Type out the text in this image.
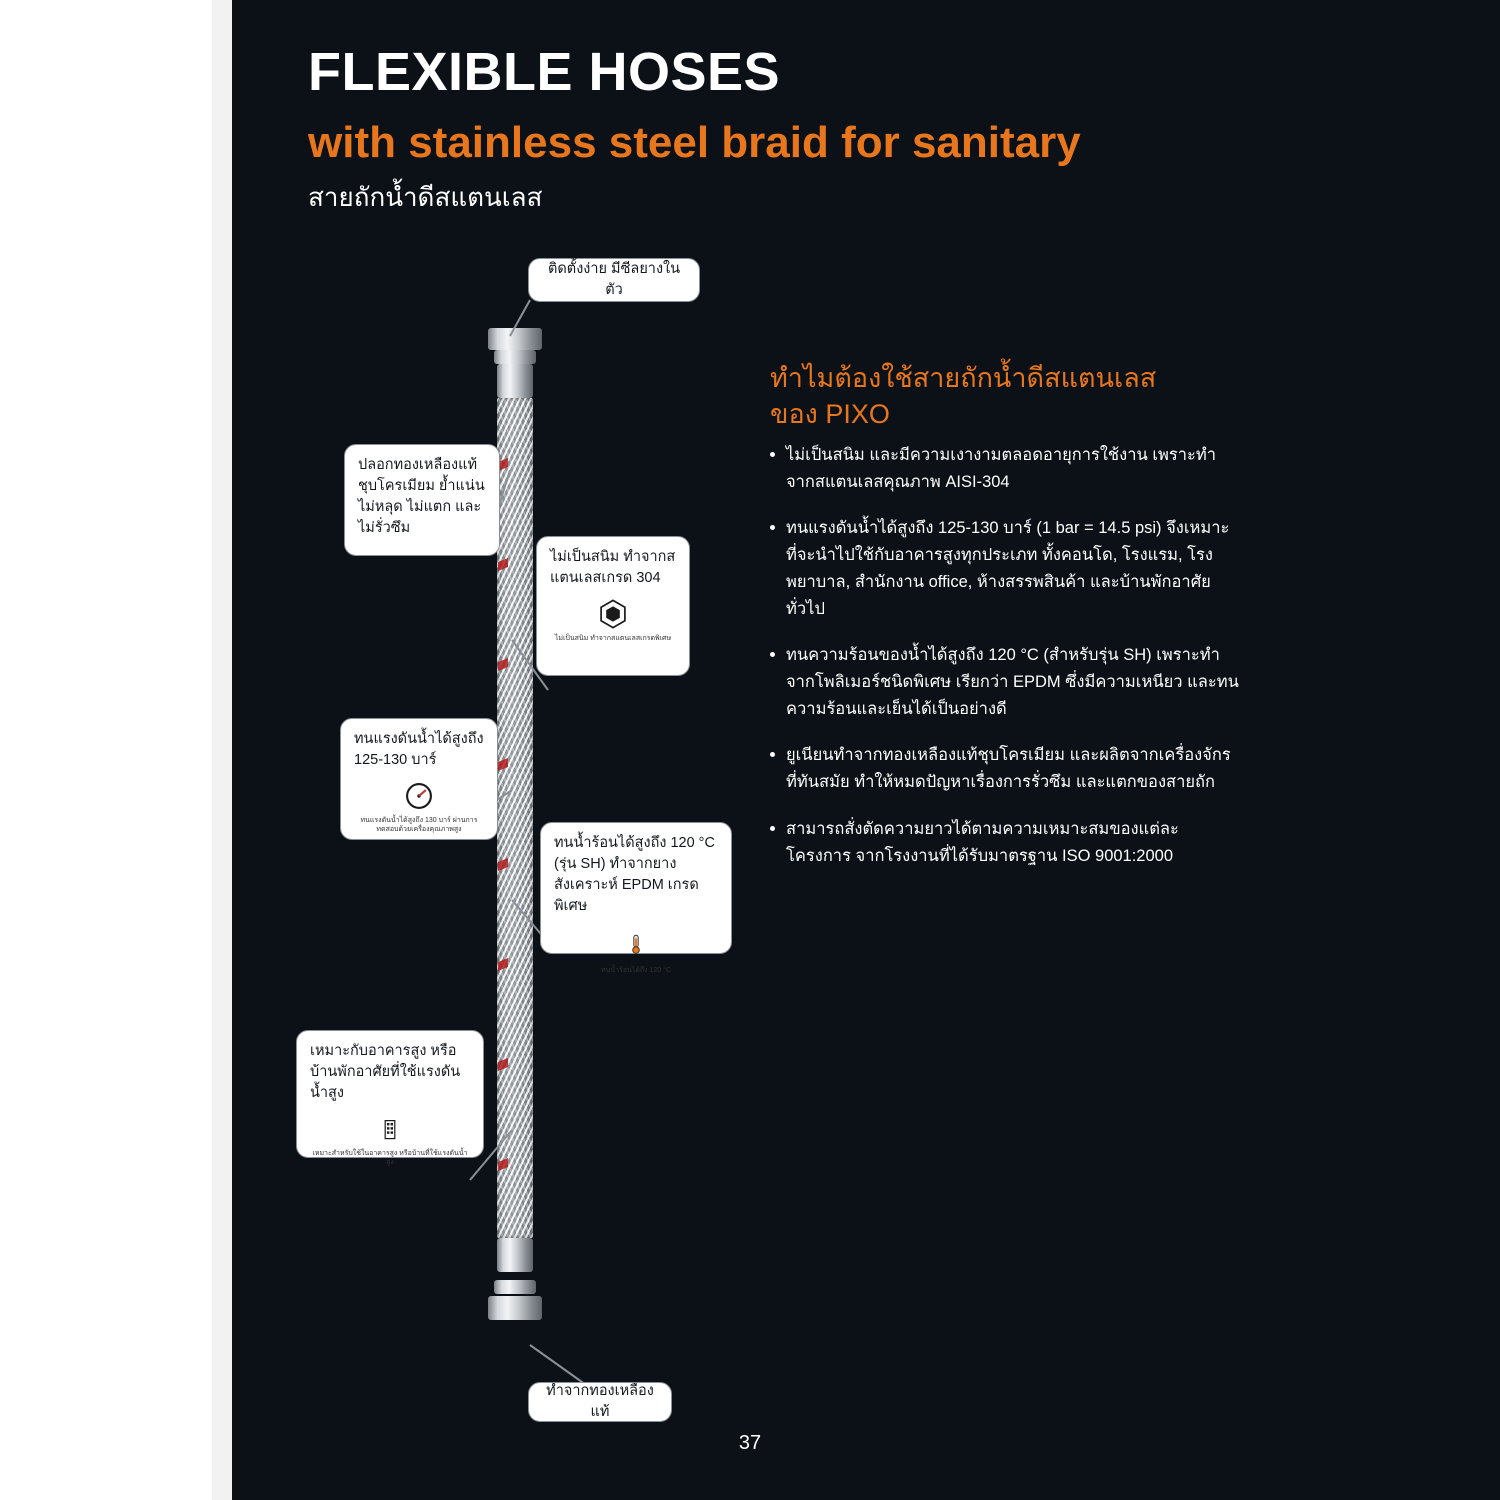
FLEXIBLE HOSES
with stainless steel braid for sanitary
สายถักน้ำดีสแตนเลส
ทำไมต้องใช้สายถักน้ำดีสแตนเลส
ของ PIXO
ไม่เป็นสนิม และมีความเงางามตลอดอายุการใช้งาน เพราะทำจากสแตนเลสคุณภาพ AISI-304
ทนแรงดันน้ำได้สูงถึง 125-130 บาร์ (1 bar = 14.5 psi) จึงเหมาะที่จะนำไปใช้กับอาคารสูงทุกประเภท ทั้งคอนโด, โรงแรม, โรงพยาบาล, สำนักงาน office, ห้างสรรพสินค้า และบ้านพักอาศัยทั่วไป
ทนความร้อนของน้ำได้สูงถึง 120 °C (สำหรับรุ่น SH) เพราะทำจากโพลิเมอร์ชนิดพิเศษ เรียกว่า EPDM ซึ่งมีความเหนียว และทนความร้อนและเย็นได้เป็นอย่างดี
ยูเนียนทำจากทองเหลืองแท้ชุบโครเมียม และผลิตจากเครื่องจักรที่ทันสมัย ทำให้หมดปัญหาเรื่องการรั่วซึม และแตกของสายถัก
สามารถสั่งตัดความยาวได้ตามความเหมาะสมของแต่ละโครงการ จากโรงงานที่ได้รับมาตรฐาน ISO 9001:2000
ติดตั้งง่าย มีซีลยางในตัว
ปลอกทองเหลืองแท้ ชุบโครเมียม ย้ำแน่น ไม่หลุด ไม่แตก และไม่รั่วซึม
ไม่เป็นสนิม ทำจากสแตนเลสเกรด 304
ไม่เป็นสนิม ทำจากสแตนเลสเกรดพิเศษ
ทนแรงดันน้ำได้สูงถึง 125-130 บาร์
ทนแรงดันน้ำได้สูงถึง 130 บาร์ ผ่านการทดสอบด้วยเครื่องคุณภาพสูง
ทนน้ำร้อนได้สูงถึง 120 °C (รุ่น SH) ทำจากยางสังเคราะห์ EPDM เกรดพิเศษ
ทนน้ำร้อนได้ถึง 120 °C
เหมาะกับอาคารสูง หรือบ้านพักอาศัยที่ใช้แรงดันน้ำสูง
เหมาะสำหรับใช้ในอาคารสูง หรือบ้านที่ใช้แรงดันน้ำสูง
ทำจากทองเหลืองแท้
37
